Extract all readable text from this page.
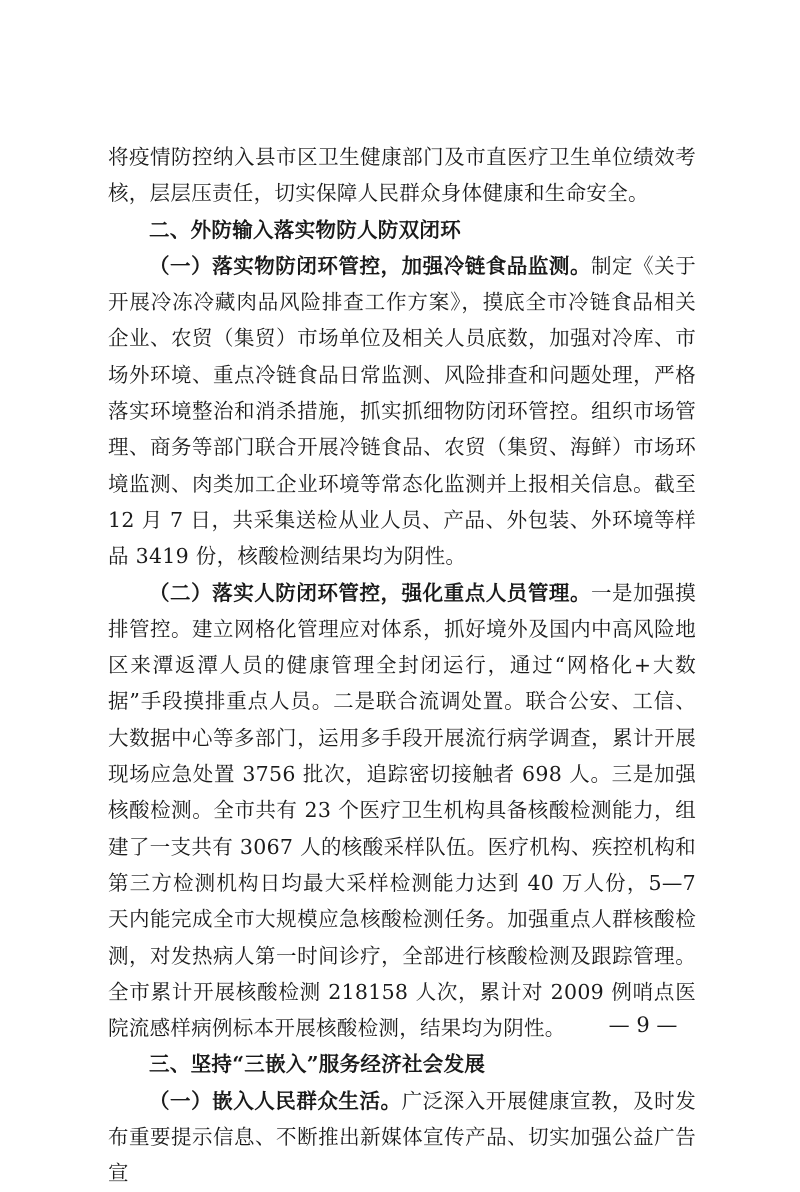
将疫情防控纳入县市区卫生健康部门及市直医疗卫生单位绩效考核，层层压责任，切实保障人民群众身体健康和生命安全。

二、外防输入落实物防人防双闭环

（一）落实物防闭环管控，加强冷链食品监测。制定《关于开展冷冻冷藏肉品风险排查工作方案》，摸底全市冷链食品相关企业、农贸（集贸）市场单位及相关人员底数，加强对冷库、市场外环境、重点冷链食品日常监测、风险排查和问题处理，严格落实环境整治和消杀措施，抓实抓细物防闭环管控。组织市场管理、商务等部门联合开展冷链食品、农贸（集贸、海鲜）市场环境监测、肉类加工企业环境等常态化监测并上报相关信息。截至 12 月 7 日，共采集送检从业人员、产品、外包装、外环境等样品 3419 份，核酸检测结果均为阴性。

（二）落实人防闭环管控，强化重点人员管理。一是加强摸排管控。建立网格化管理应对体系，抓好境外及国内中高风险地区来潭返潭人员的健康管理全封闭运行，通过“网格化+大数据”手段摸排重点人员。二是联合流调处置。联合公安、工信、大数据中心等多部门，运用多手段开展流行病学调查，累计开展现场应急处置 3756 批次，追踪密切接触者 698 人。三是加强核酸检测。全市共有 23 个医疗卫生机构具备核酸检测能力，组建了一支共有 3067 人的核酸采样队伍。医疗机构、疾控机构和第三方检测机构日均最大采样检测能力达到 40 万人份，5—7 天内能完成全市大规模应急核酸检测任务。加强重点人群核酸检测，对发热病人第一时间诊疗，全部进行核酸检测及跟踪管理。全市累计开展核酸检测 218158 人次，累计对 2009 例哨点医院流感样病例标本开展核酸检测，结果均为阴性。

三、坚持“三嵌入”服务经济社会发展

（一）嵌入人民群众生活。广泛深入开展健康宣教，及时发布重要提示信息、不断推出新媒体宣传产品、切实加强公益广告宣

— 9 —
